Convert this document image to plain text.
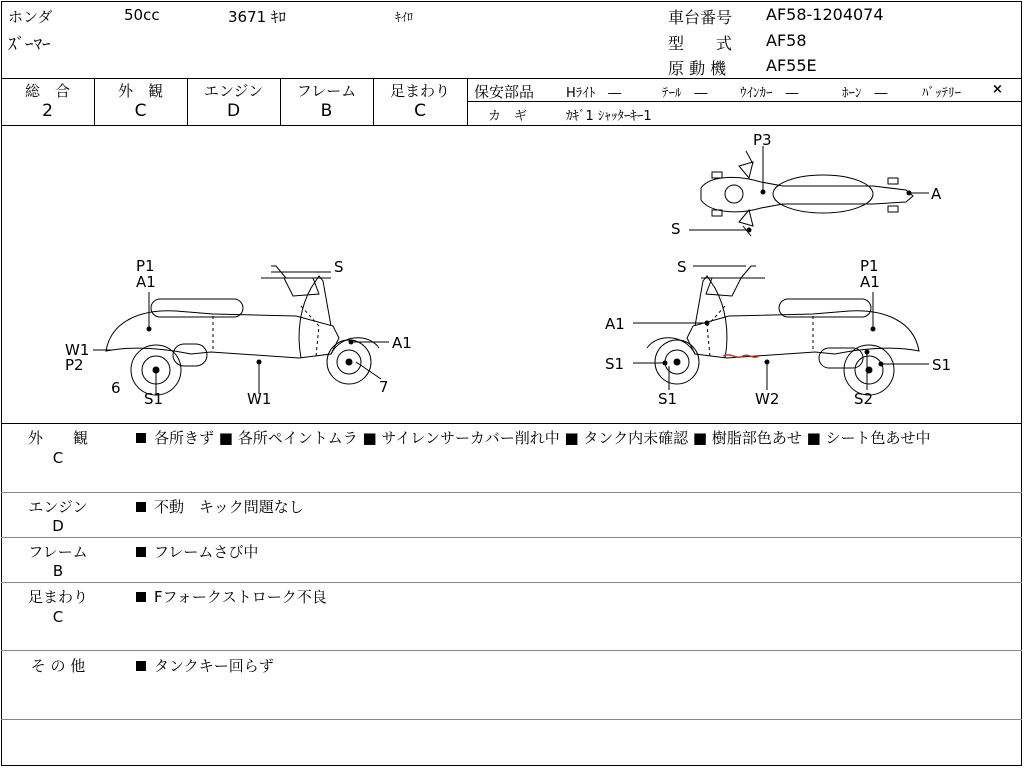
ホンダ	50cc	3671 ｷﾛ	ｷｲﾛ
ｽﾞｰﾏｰ
車台番号 AF58-1204074
型　　式 AF58
原 動 機 AF55E
総　合
2
外　観
C
エンジン
D
フレーム
B
足まわり
C
保安部品 Hﾗｲﾄ　―	ﾃｰﾙ　― ｳｲﾝｶｰ　―	ﾎｰﾝ　―	ﾊﾞｯﾃﾘｰ ×
カ　ギ	ｶｷﾞ1 ｼｬｯﾀｰｷｰ1
P3
A
S
P1
A1
S
A1
W1
P2
6
S1	W1
7
S	P1
A1
A1
S1	S1
S1	W2	S2
外　　観
C
各所きず ■ 各所ペイントムラ ■ サイレンサーカバー削れ中 ■ タンク内未確認 ■ 樹脂部色あせ ■ シート色あせ中
エンジン
D
不動　キック問題なし
フレーム
B
フレームさび中
足まわり
C
Fフォークストローク不良
そ の 他	タンクキー回らず
